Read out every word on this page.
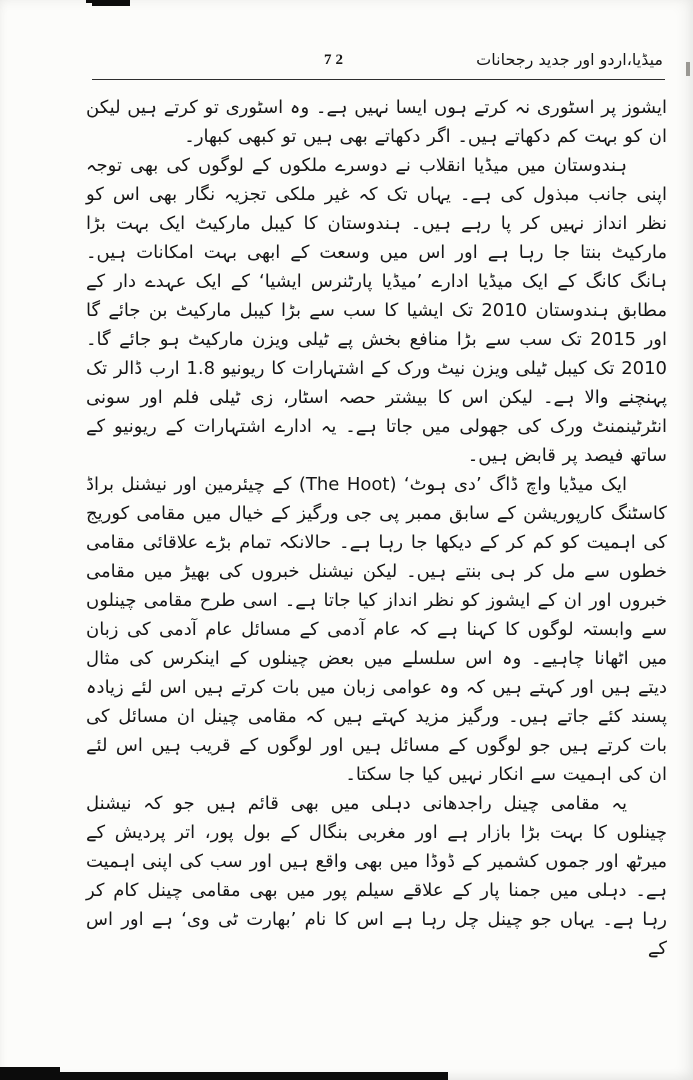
72	میڈیا،اردو اور جدید رجحانات

ایشوز پر اسٹوری نہ کرتے ہوں ایسا نہیں ہے۔ وہ اسٹوری تو کرتے ہیں لیکن ان کو بہت کم دکھاتے ہیں۔ اگر دکھاتے بھی ہیں تو کبھی کبھار۔

ہندوستان میں میڈیا انقلاب نے دوسرے ملکوں کے لوگوں کی بھی توجہ اپنی جانب مبذول کی ہے۔ یہاں تک کہ غیر ملکی تجزیہ نگار بھی اس کو نظر انداز نہیں کر پا رہے ہیں۔ ہندوستان کا کیبل مارکیٹ ایک بہت بڑا مارکیٹ بنتا جا رہا ہے اور اس میں وسعت کے ابھی بہت امکانات ہیں۔ ہانگ کانگ کے ایک میڈیا ادارے ’میڈیا پارٹنرس ایشیا‘ کے ایک عہدے دار کے مطابق ہندوستان 2010 تک ایشیا کا سب سے بڑا کیبل مارکیٹ بن جائے گا اور 2015 تک سب سے بڑا منافع بخش پے ٹیلی ویزن مارکیٹ ہو جائے گا۔ 2010 تک کیبل ٹیلی ویزن نیٹ ورک کے اشتہارات کا ریونیو 1.8 ارب ڈالر تک پہنچنے والا ہے۔ لیکن اس کا بیشتر حصہ اسٹار، زی ٹیلی فلم اور سونی انٹرٹینمنٹ ورک کی جھولی میں جاتا ہے۔ یہ ادارے اشتہارات کے ریونیو کے ساتھ فیصد پر قابض ہیں۔

ایک میڈیا واچ ڈاگ ’دی ہوٹ‘ (The Hoot) کے چیئرمین اور نیشنل براڈ کاسٹنگ کارپوریشن کے سابق ممبر پی جی ورگیز کے خیال میں مقامی کوریج کی اہمیت کو کم کر کے دیکھا جا رہا ہے۔ حالانکہ تمام بڑے علاقائی مقامی خطوں سے مل کر ہی بنتے ہیں۔ لیکن نیشنل خبروں کی بھیڑ میں مقامی خبروں اور ان کے ایشوز کو نظر انداز کیا جاتا ہے۔ اسی طرح مقامی چینلوں سے وابستہ لوگوں کا کہنا ہے کہ عام آدمی کے مسائل عام آدمی کی زبان میں اٹھانا چاہیے۔ وہ اس سلسلے میں بعض چینلوں کے اینکرس کی مثال دیتے ہیں اور کہتے ہیں کہ وہ عوامی زبان میں بات کرتے ہیں اس لئے زیادہ پسند کئے جاتے ہیں۔ ورگیز مزید کہتے ہیں کہ مقامی چینل ان مسائل کی بات کرتے ہیں جو لوگوں کے مسائل ہیں اور لوگوں کے قریب ہیں اس لئے ان کی اہمیت سے انکار نہیں کیا جا سکتا۔

یہ مقامی چینل راجدھانی دہلی میں بھی قائم ہیں جو کہ نیشنل چینلوں کا بہت بڑا بازار ہے اور مغربی بنگال کے بول پور، اتر پردیش کے میرٹھ اور جموں کشمیر کے ڈوڈا میں بھی واقع ہیں اور سب کی اپنی اہمیت ہے۔ دہلی میں جمنا پار کے علاقے سیلم پور میں بھی مقامی چینل کام کر رہا ہے۔ یہاں جو چینل چل رہا ہے اس کا نام ’بھارت ٹی وی‘ ہے اور اس کے
